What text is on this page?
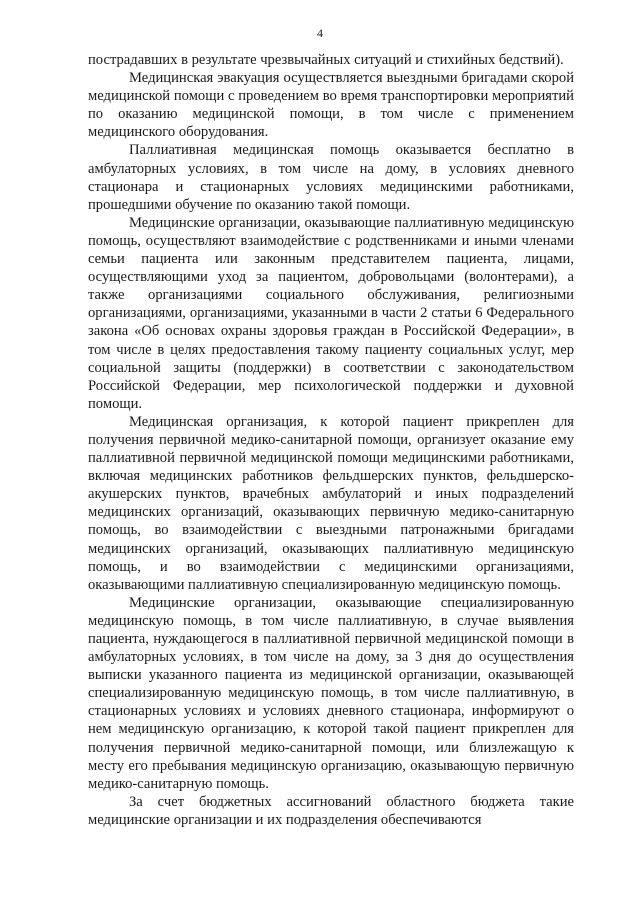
4

пострадавших в результате чрезвычайных ситуаций и стихийных бедствий).

Медицинская эвакуация осуществляется выездными бригадами скорой медицинской помощи с проведением во время транспортировки мероприятий по оказанию медицинской помощи, в том числе с применением медицинского оборудования.

Паллиативная медицинская помощь оказывается бесплатно в амбулаторных условиях, в том числе на дому, в условиях дневного стационара и стационарных условиях медицинскими работниками, прошедшими обучение по оказанию такой помощи.

Медицинские организации, оказывающие паллиативную медицинскую помощь, осуществляют взаимодействие с родственниками и иными членами семьи пациента или законным представителем пациента, лицами, осуществляющими уход за пациентом, добровольцами (волонтерами), а также организациями социального обслуживания, религиозными организациями, организациями, указанными в части 2 статьи 6 Федерального закона «Об основах охраны здоровья граждан в Российской Федерации», в том числе в целях предоставления такому пациенту социальных услуг, мер социальной защиты (поддержки) в соответствии с законодательством Российской Федерации, мер психологической поддержки и духовной помощи.

Медицинская организация, к которой пациент прикреплен для получения первичной медико-санитарной помощи, организует оказание ему паллиативной первичной медицинской помощи медицинскими работниками, включая медицинских работников фельдшерских пунктов, фельдшерско-акушерских пунктов, врачебных амбулаторий и иных подразделений медицинских организаций, оказывающих первичную медико-санитарную помощь, во взаимодействии с выездными патронажными бригадами медицинских организаций, оказывающих паллиативную медицинскую помощь, и во взаимодействии с медицинскими организациями, оказывающими паллиативную специализированную медицинскую помощь.

Медицинские организации, оказывающие специализированную медицинскую помощь, в том числе паллиативную, в случае выявления пациента, нуждающегося в паллиативной первичной медицинской помощи в амбулаторных условиях, в том числе на дому, за 3 дня до осуществления выписки указанного пациента из медицинской организации, оказывающей специализированную медицинскую помощь, в том числе паллиативную, в стационарных условиях и условиях дневного стационара, информируют о нем медицинскую организацию, к которой такой пациент прикреплен для получения первичной медико-санитарной помощи, или близлежащую к месту его пребывания медицинскую организацию, оказывающую первичную медико-санитарную помощь.

За счет бюджетных ассигнований областного бюджета такие медицинские организации и их подразделения обеспечиваются
